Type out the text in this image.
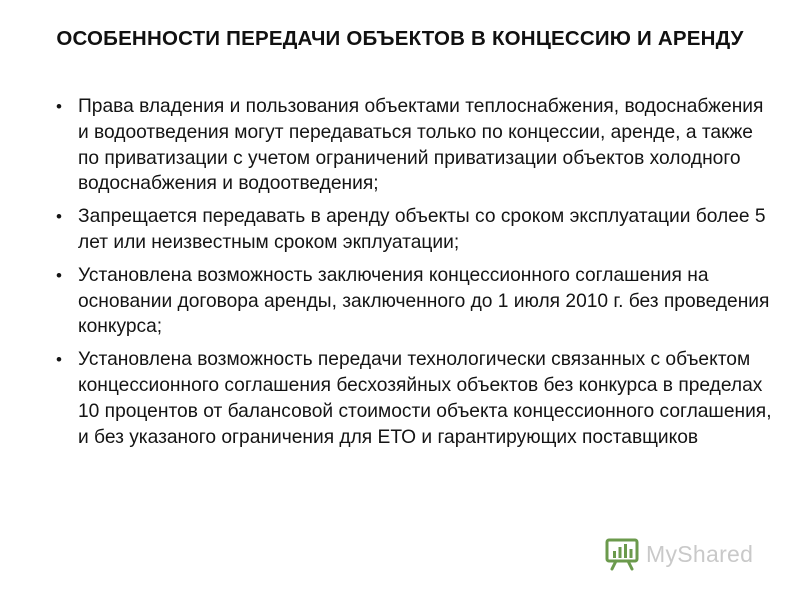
ОСОБЕННОСТИ ПЕРЕДАЧИ ОБЪЕКТОВ В КОНЦЕССИЮ И АРЕНДУ
• Права владения и пользования объектами теплоснабжения, водоснабжения и водоотведения могут передаваться только по концессии, аренде, а также по приватизации с учетом ограничений приватизации объектов холодного водоснабжения и водоотведения;
• Запрещается передавать в аренду объекты со сроком эксплуатации более 5 лет или неизвестным сроком экплуатации;
• Установлена возможность заключения концессионного соглашения на основании договора аренды, заключенного до 1 июля 2010 г. без проведения конкурса;
• Установлена возможность передачи технологически связанных с объектом концессионного соглашения бесхозяйных объектов без конкурса в пределах 10 процентов от балансовой стоимости объекта концессионного соглашения, и без указаного ограничения для ЕТО и гарантирующих поставщиков
MyShared
